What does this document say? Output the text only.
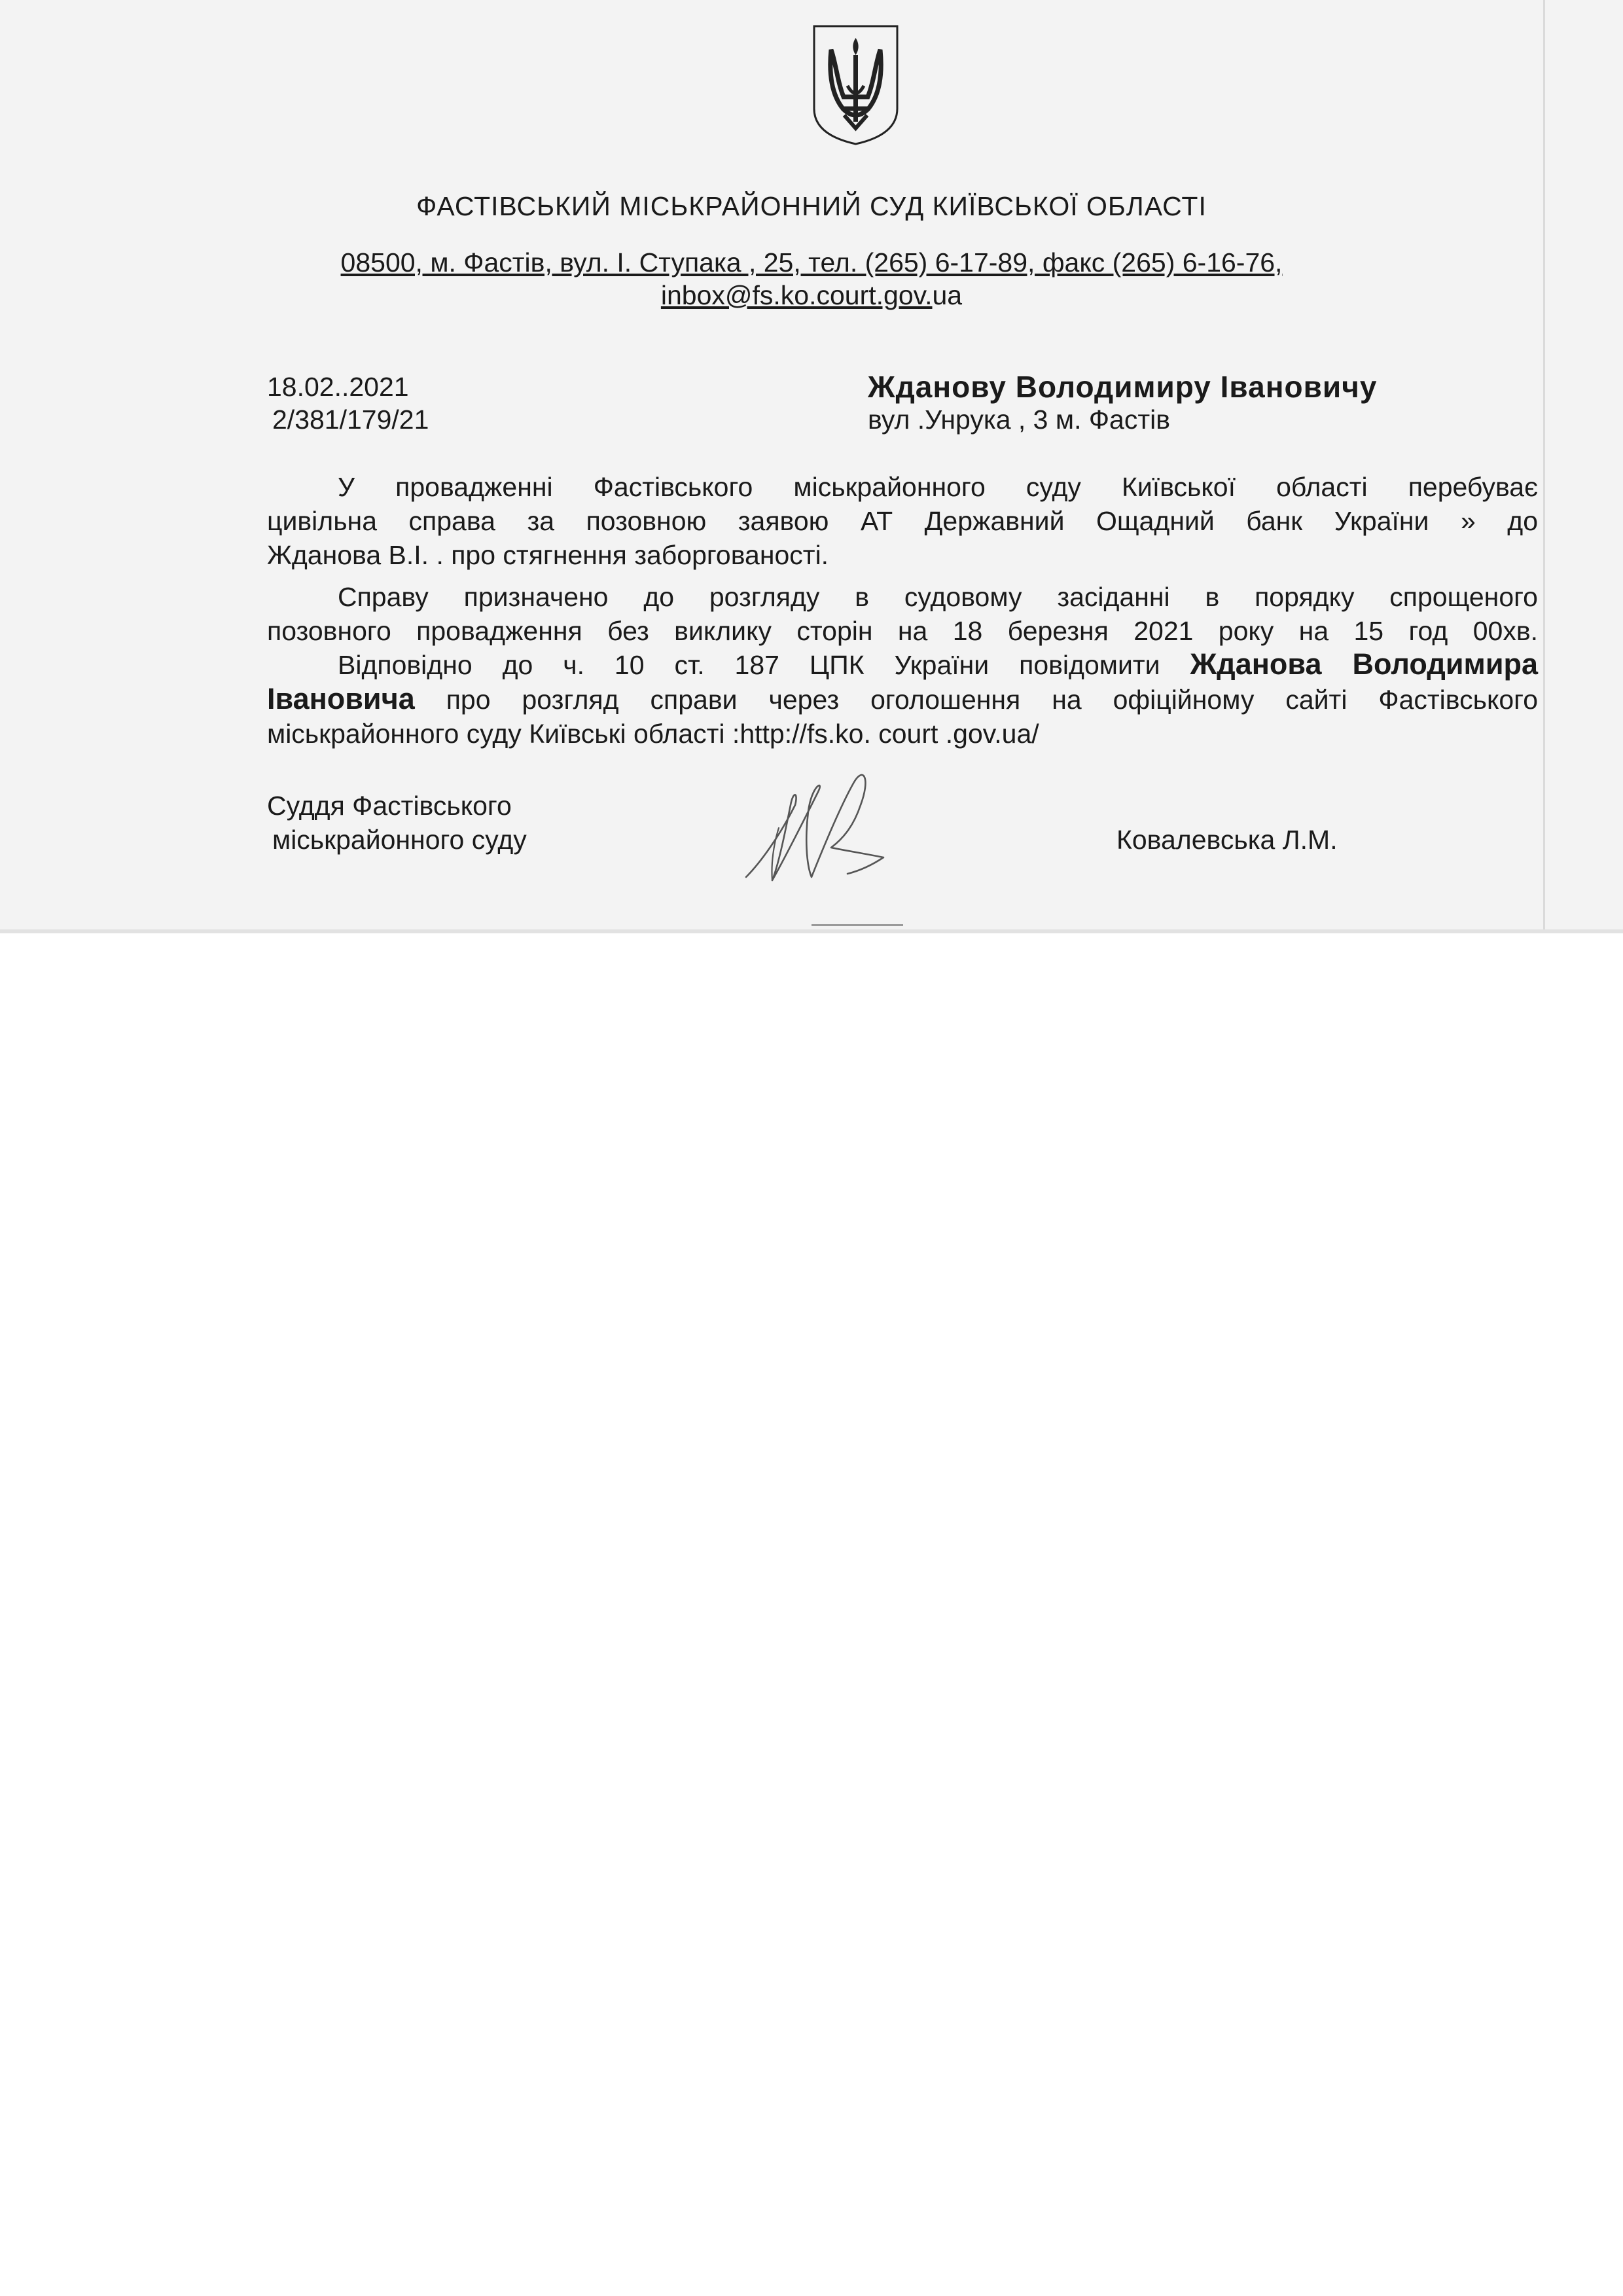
ФАСТІВСЬКИЙ МІСЬКРАЙОННИЙ СУД КИЇВСЬКОЇ ОБЛАСТІ
08500, м. Фастів, вул. І. Ступака , 25, тел. (265) 6-17-89, факс (265) 6-16-76,
inbox@fs.ko.court.gov.ua
18.02..2021
2/381/179/21
Жданову Володимиру Івановичу
вул .Унрука , 3 м. Фастів
У провадженні Фастівського міськрайонного суду Київської області перебуває
цивільна справа за позовною заявою АТ Державний Ощадний банк України » до
Жданова В.І. . про стягнення заборгованості.
Справу призначено до розгляду в судовому засіданні в порядку спрощеного
позовного провадження без виклику сторін на 18 березня 2021 року на 15 год 00хв.
Відповідно до ч. 10 ст. 187 ЦПК України повідомити Жданова Володимира
Івановича про розгляд справи через оголошення на офіційному сайті Фастівського
міськрайонного суду Київські області :http://fs.ko. court .gov.ua/
Суддя Фастівського
міськрайонного суду	Ковалевська Л.М.
